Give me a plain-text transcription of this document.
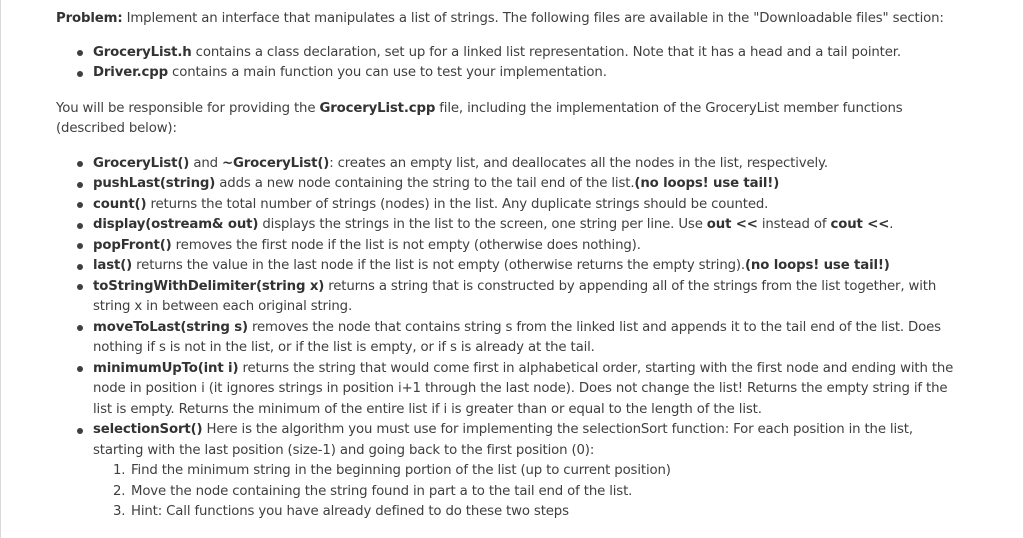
Problem: Implement an interface that manipulates a list of strings. The following files are available in the "Downloadable files" section:

GroceryList.h contains a class declaration, set up for a linked list representation. Note that it has a head and a tail pointer.
Driver.cpp contains a main function you can use to test your implementation.

You will be responsible for providing the GroceryList.cpp file, including the implementation of the GroceryList member functions (described below):

GroceryList() and ~GroceryList(): creates an empty list, and deallocates all the nodes in the list, respectively.
pushLast(string) adds a new node containing the string to the tail end of the list.(no loops! use tail!)
count() returns the total number of strings (nodes) in the list. Any duplicate strings should be counted.
display(ostream& out) displays the strings in the list to the screen, one string per line. Use out << instead of cout <<.
popFront() removes the first node if the list is not empty (otherwise does nothing).
last() returns the value in the last node if the list is not empty (otherwise returns the empty string).(no loops! use tail!)
toStringWithDelimiter(string x) returns a string that is constructed by appending all of the strings from the list together, with string x in between each original string.
moveToLast(string s) removes the node that contains string s from the linked list and appends it to the tail end of the list. Does nothing if s is not in the list, or if the list is empty, or if s is already at the tail.
minimumUpTo(int i) returns the string that would come first in alphabetical order, starting with the first node and ending with the node in position i (it ignores strings in position i+1 through the last node). Does not change the list! Returns the empty string if the list is empty. Returns the minimum of the entire list if i is greater than or equal to the length of the list.
selectionSort() Here is the algorithm you must use for implementing the selectionSort function: For each position in the list, starting with the last position (size-1) and going back to the first position (0):
1. Find the minimum string in the beginning portion of the list (up to current position)
2. Move the node containing the string found in part a to the tail end of the list.
3. Hint: Call functions you have already defined to do these two steps
